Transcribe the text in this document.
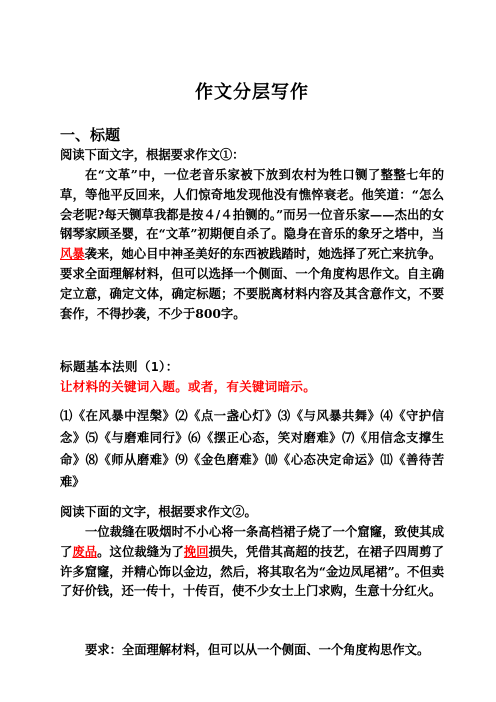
作文分层写作
一、标题
阅读下面文字，根据要求作文①：
在“文革”中，一位老音乐家被下放到农村为牲口铡了整整七年的草，等他平反回来，人们惊奇地发现他没有憔悴衰老。他笑道：“怎么会老呢?每天铡草我都是按４/４拍铡的。”而另一位音乐家——杰出的女钢琴家顾圣婴，在“文革”初期便自杀了。隐身在音乐的象牙之塔中，当风暴袭来，她心目中神圣美好的东西被践踏时，她选择了死亡来抗争。
要求全面理解材料，但可以选择一个侧面、一个角度构思作文。自主确定立意，确定文体，确定标题；不要脱离材料内容及其含意作文，不要套作，不得抄袭，不少于800字。
标题基本法则（1）：
让材料的关键词入题。或者，有关键词暗示。
⑴《在风暴中涅槃》⑵《点一盏心灯》⑶《与风暴共舞》⑷《守护信念》⑸《与磨难同行》⑹《摆正心态，笑对磨难》⑺《用信念支撑生命》⑻《师从磨难》⑼《金色磨难》⑽《心态决定命运》⑾《善待苦难》
阅读下面的文字，根据要求作文②。
一位裁缝在吸烟时不小心将一条高档裙子烧了一个窟窿，致使其成了废品。这位裁缝为了挽回损失，凭借其高超的技艺，在裙子四周剪了许多窟窿，并精心饰以金边，然后，将其取名为“金边凤尾裙”。不但卖了好价钱，还一传十，十传百，使不少女士上门求购，生意十分红火。
要求：全面理解材料，但可以从一个侧面、一个角度构思作文。
